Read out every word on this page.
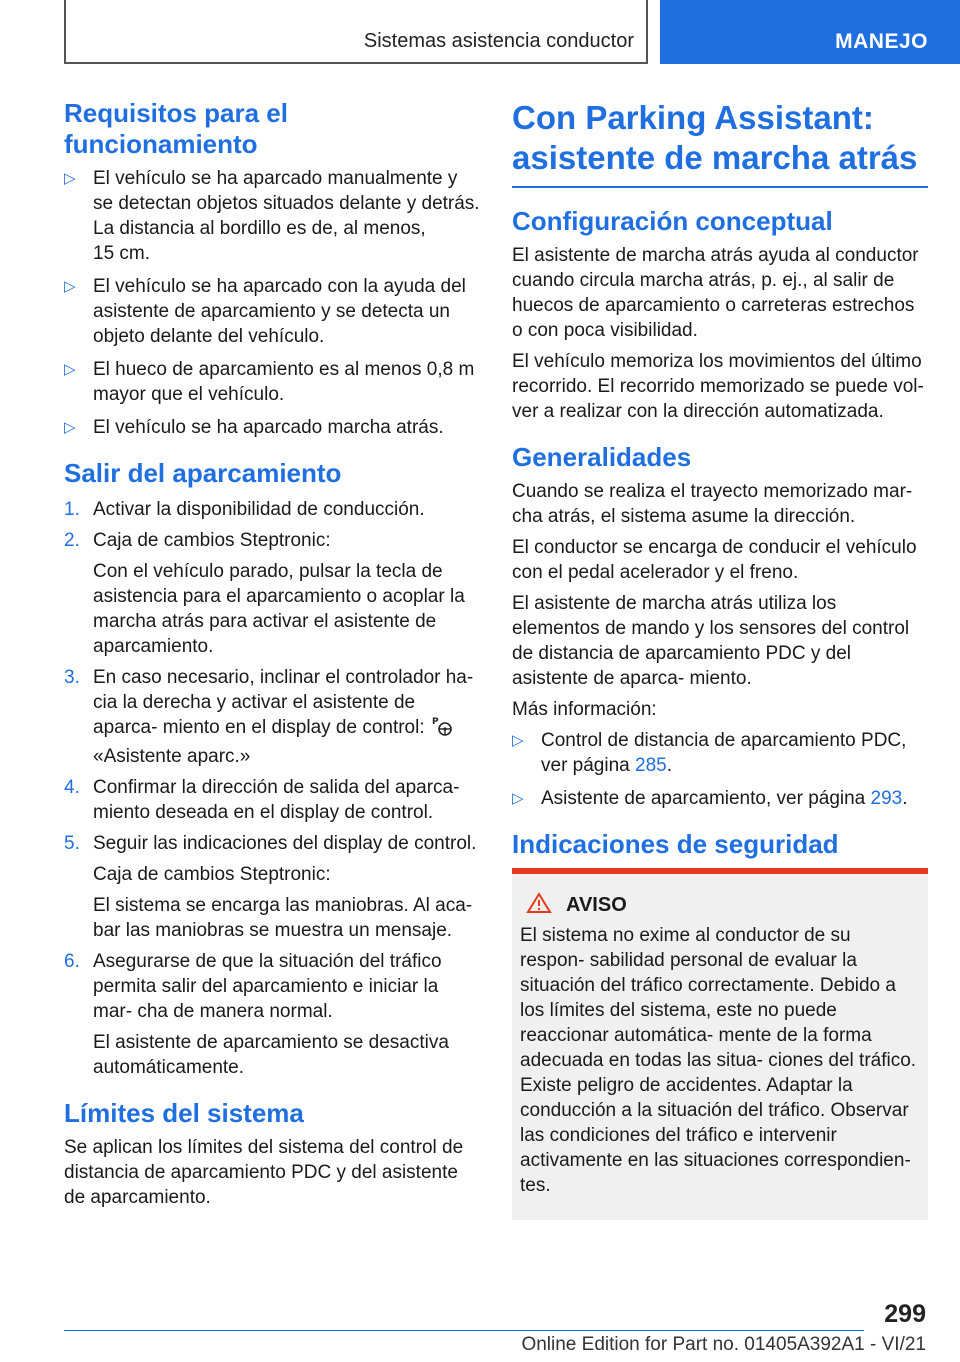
Sistemas asistencia conductor	MANEJO
Requisitos para el funcionamiento
▷ El vehículo se ha aparcado manualmente y se detectan objetos situados delante y detrás.
La distancia al bordillo es de, al menos,
15 cm.
▷ El vehículo se ha aparcado con la ayuda del asistente de aparcamiento y se detecta un objeto delante del vehículo.
▷ El hueco de aparcamiento es al menos 0,8 m mayor que el vehículo.
▷ El vehículo se ha aparcado marcha atrás.
Salir del aparcamiento
1. Activar la disponibilidad de conducción.
2. Caja de cambios Steptronic:

Con el vehículo parado, pulsar la tecla de asistencia para el aparcamiento o acoplar la marcha atrás para activar el asistente de aparcamiento.

3. En caso necesario, inclinar el controlador ha‐ cia la derecha y activar el asistente de aparca‐ miento en el display de control: P
«Asistente aparc.»
4. Confirmar la dirección de salida del aparca‐ miento deseada en el display de control.
5. Seguir las indicaciones del display de control.

Caja de cambios Steptronic:

El sistema se encarga las maniobras. Al aca‐ bar las maniobras se muestra un mensaje.

6. Asegurarse de que la situación del tráfico permita salir del aparcamiento e iniciar la mar‐ cha de manera normal.

El asistente de aparcamiento se desactiva automáticamente.

Límites del sistema

Se aplican los límites del sistema del control de distancia de aparcamiento PDC y del asistente de aparcamiento.

Con Parking Assistant: asistente de marcha atrás
Configuración conceptual

El asistente de marcha atrás ayuda al conductor cuando circula marcha atrás, p. ej., al salir de huecos de aparcamiento o carreteras estrechos o con poca visibilidad.

El vehículo memoriza los movimientos del último recorrido. El recorrido memorizado se puede vol‐ ver a realizar con la dirección automatizada.

Generalidades

Cuando se realiza el trayecto memorizado mar‐ cha atrás, el sistema asume la dirección.

El conductor se encarga de conducir el vehículo con el pedal acelerador y el freno.

El asistente de marcha atrás utiliza los elementos de mando y los sensores del control de distancia de aparcamiento PDC y del asistente de aparca‐ miento.

Más información:

▷ Control de distancia de aparcamiento PDC, ver página 285.
▷ Asistente de aparcamiento, ver página 293.
Indicaciones de seguridad
AVISO

El sistema no exime al conductor de su respon‐ sabilidad personal de evaluar la situación del tráfico correctamente. Debido a los límites del sistema, este no puede reaccionar automática‐ mente de la forma adecuada en todas las situa‐ ciones del tráfico. Existe peligro de accidentes. Adaptar la conducción a la situación del tráfico. Observar las condiciones del tráfico e intervenir activamente en las situaciones correspondien‐ tes.

299
Online Edition for Part no. 01405A392A1 - VI/21
